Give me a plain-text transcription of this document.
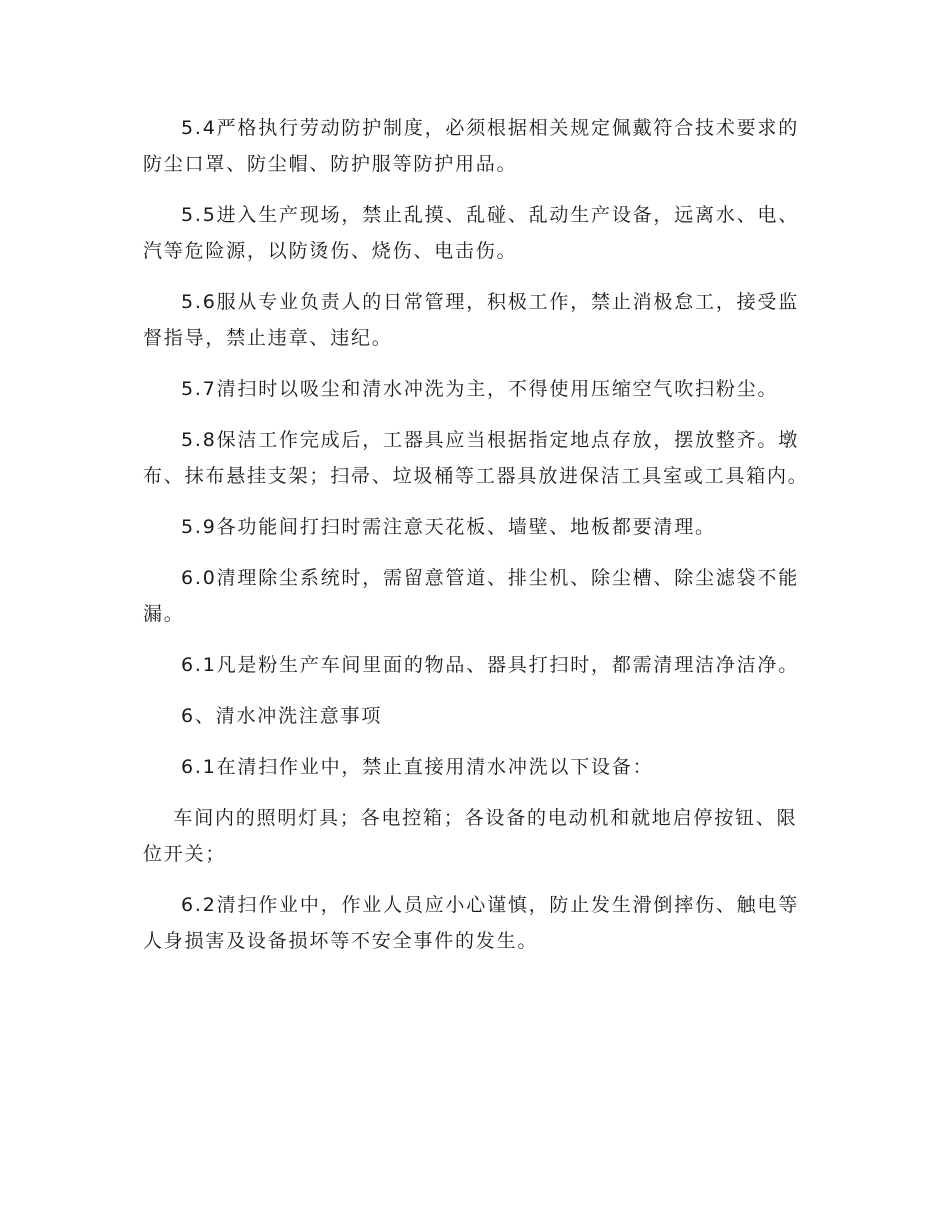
5.4严格执行劳动防护制度，必须根据相关规定佩戴符合技术要求的防尘口罩、防尘帽、防护服等防护用品。

5.5进入生产现场，禁止乱摸、乱碰、乱动生产设备，远离水、电、汽等危险源，以防烫伤、烧伤、电击伤。

5.6服从专业负责人的日常管理，积极工作，禁止消极怠工，接受监督指导，禁止违章、违纪。

5.7清扫时以吸尘和清水冲洗为主，不得使用压缩空气吹扫粉尘。

5.8保洁工作完成后，工器具应当根据指定地点存放，摆放整齐。墩布、抹布悬挂支架；扫帚、垃圾桶等工器具放进保洁工具室或工具箱内。

5.9各功能间打扫时需注意天花板、墙壁、地板都要清理。

6.0清理除尘系统时，需留意管道、排尘机、除尘槽、除尘滤袋不能漏。

6.1凡是粉生产车间里面的物品、器具打扫时，都需清理洁净洁净。

6、清水冲洗注意事项

6.1在清扫作业中，禁止直接用清水冲洗以下设备：

车间内的照明灯具；各电控箱；各设备的电动机和就地启停按钮、限位开关；

6.2清扫作业中，作业人员应小心谨慎，防止发生滑倒摔伤、触电等人身损害及设备损坏等不安全事件的发生。
